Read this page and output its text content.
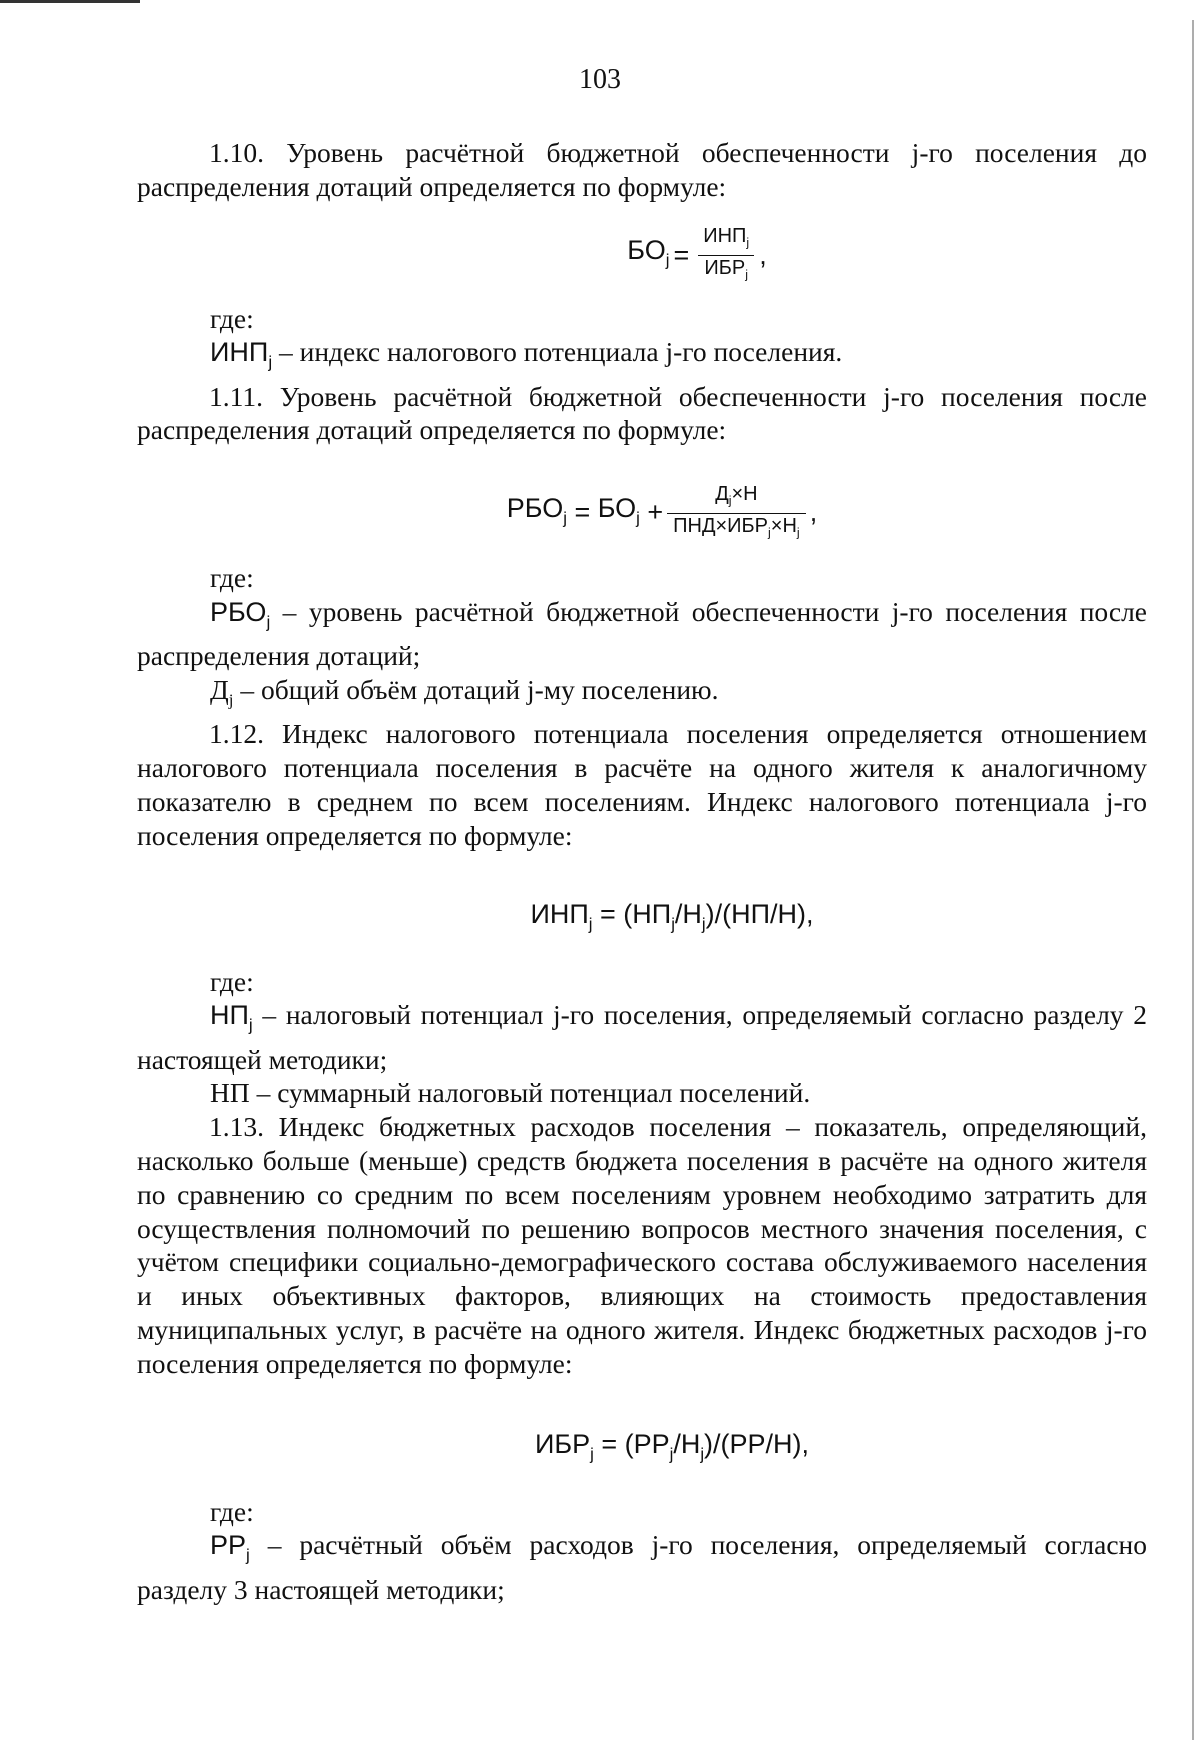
103

1.10. Уровень расчётной бюджетной обеспеченности j-го поселения до распределения дотаций определяется по формуле:

$БО_j = \frac{ИНП_j}{ИБР_j}$ ,

где:

$ИНП_j$ – индекс налогового потенциала j-го поселения.

1.11. Уровень расчётной бюджетной обеспеченности j-го поселения после распределения дотаций определяется по формуле:

$РБО_j = БО_j + \frac{Д_j\times Н}{ПНД\times ИБР_j\times Н_j}$ ,

где:

$РБО_j$ – уровень расчётной бюджетной обеспеченности j-го поселения после распределения дотаций;

$Д_j$ – общий объём дотаций j-му поселению.

1.12. Индекс налогового потенциала поселения определяется отношением налогового потенциала поселения в расчёте на одного жителя к аналогичному показателю в среднем по всем поселениям. Индекс налогового потенциала j-го поселения определяется по формуле:

$ИНП_j = (НП_j/Н_j)/(НП/Н)$,

где:

$НП_j$ – налоговый потенциал j-го поселения, определяемый согласно разделу 2 настоящей методики;

НП – суммарный налоговый потенциал поселений.

1.13. Индекс бюджетных расходов поселения – показатель, определяющий, насколько больше (меньше) средств бюджета поселения в расчёте на одного жителя по сравнению со средним по всем поселениям уровнем необходимо затратить для осуществления полномочий по решению вопросов местного значения поселения, с учётом специфики социально-демографического состава обслуживаемого населения и иных объективных факторов, влияющих на стоимость предоставления муниципальных услуг, в расчёте на одного жителя. Индекс бюджетных расходов j-го поселения определяется по формуле:

$ИБР_j = (РР_j/Н_j)/(РР/Н)$,

где:

$РР_j$ – расчётный объём расходов j-го поселения, определяемый согласно разделу 3 настоящей методики;
